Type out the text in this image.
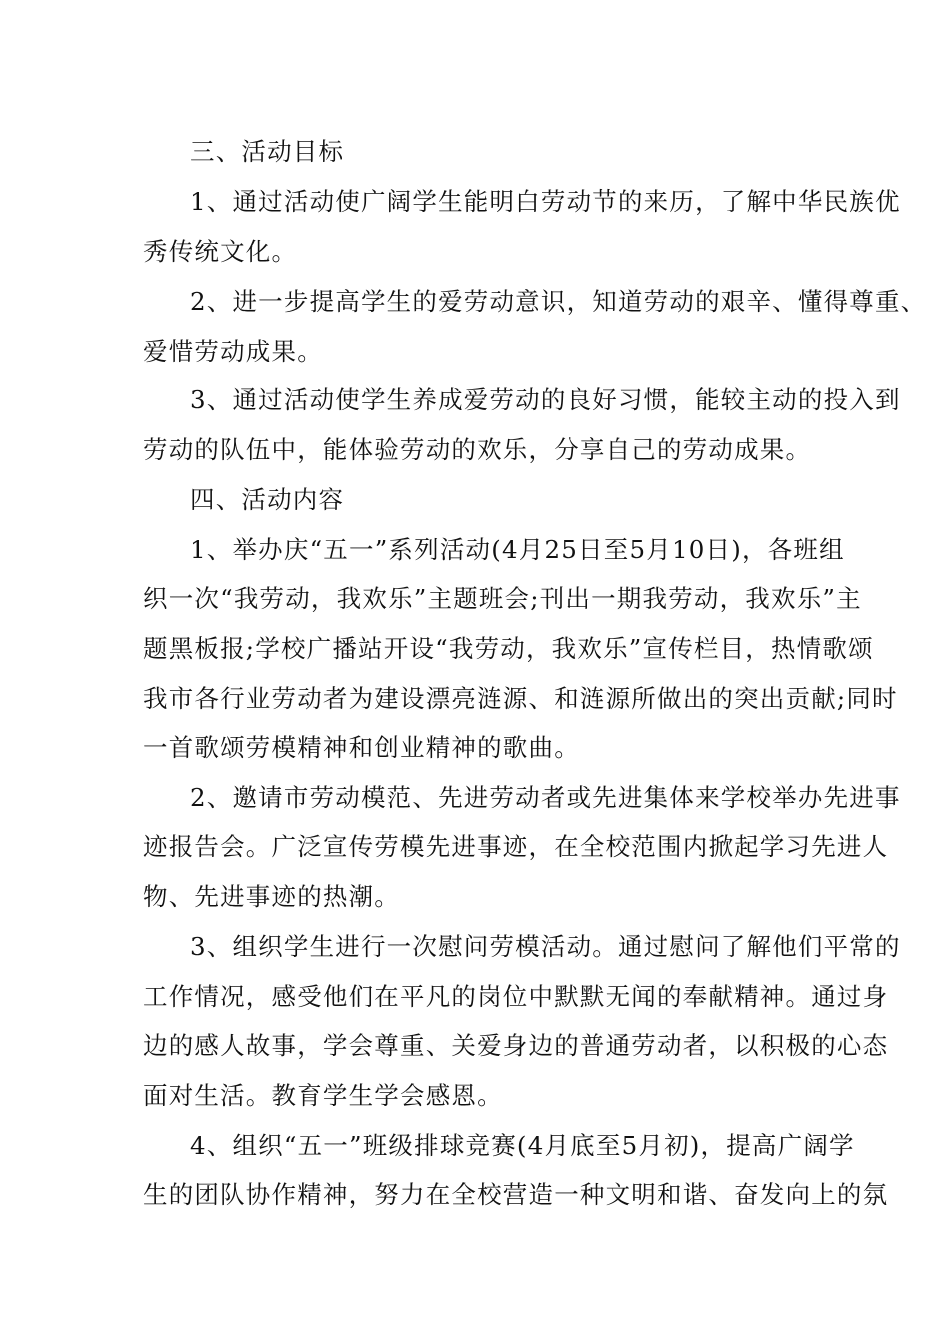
三、活动目标
1、通过活动使广阔学生能明白劳动节的来历，了解中华民族优
秀传统文化。
2、进一步提高学生的爱劳动意识，知道劳动的艰辛、懂得尊重、
爱惜劳动成果。
3、通过活动使学生养成爱劳动的良好习惯，能较主动的投入到
劳动的队伍中，能体验劳动的欢乐，分享自己的劳动成果。
四、活动内容
1、举办庆“五一”系列活动(4月25日至5月10日)，各班组
织一次“我劳动，我欢乐”主题班会;刊出一期我劳动，我欢乐”主
题黑板报;学校广播站开设“我劳动，我欢乐”宣传栏目，热情歌颂
我市各行业劳动者为建设漂亮涟源、和涟源所做出的突出贡献;同时
一首歌颂劳模精神和创业精神的歌曲。
2、邀请市劳动模范、先进劳动者或先进集体来学校举办先进事
迹报告会。广泛宣传劳模先进事迹，在全校范围内掀起学习先进人
物、先进事迹的热潮。
3、组织学生进行一次慰问劳模活动。通过慰问了解他们平常的
工作情况，感受他们在平凡的岗位中默默无闻的奉献精神。通过身
边的感人故事，学会尊重、关爱身边的普通劳动者，以积极的心态
面对生活。教育学生学会感恩。
4、组织“五一”班级排球竞赛(4月底至5月初)，提高广阔学
生的团队协作精神，努力在全校营造一种文明和谐、奋发向上的氛
